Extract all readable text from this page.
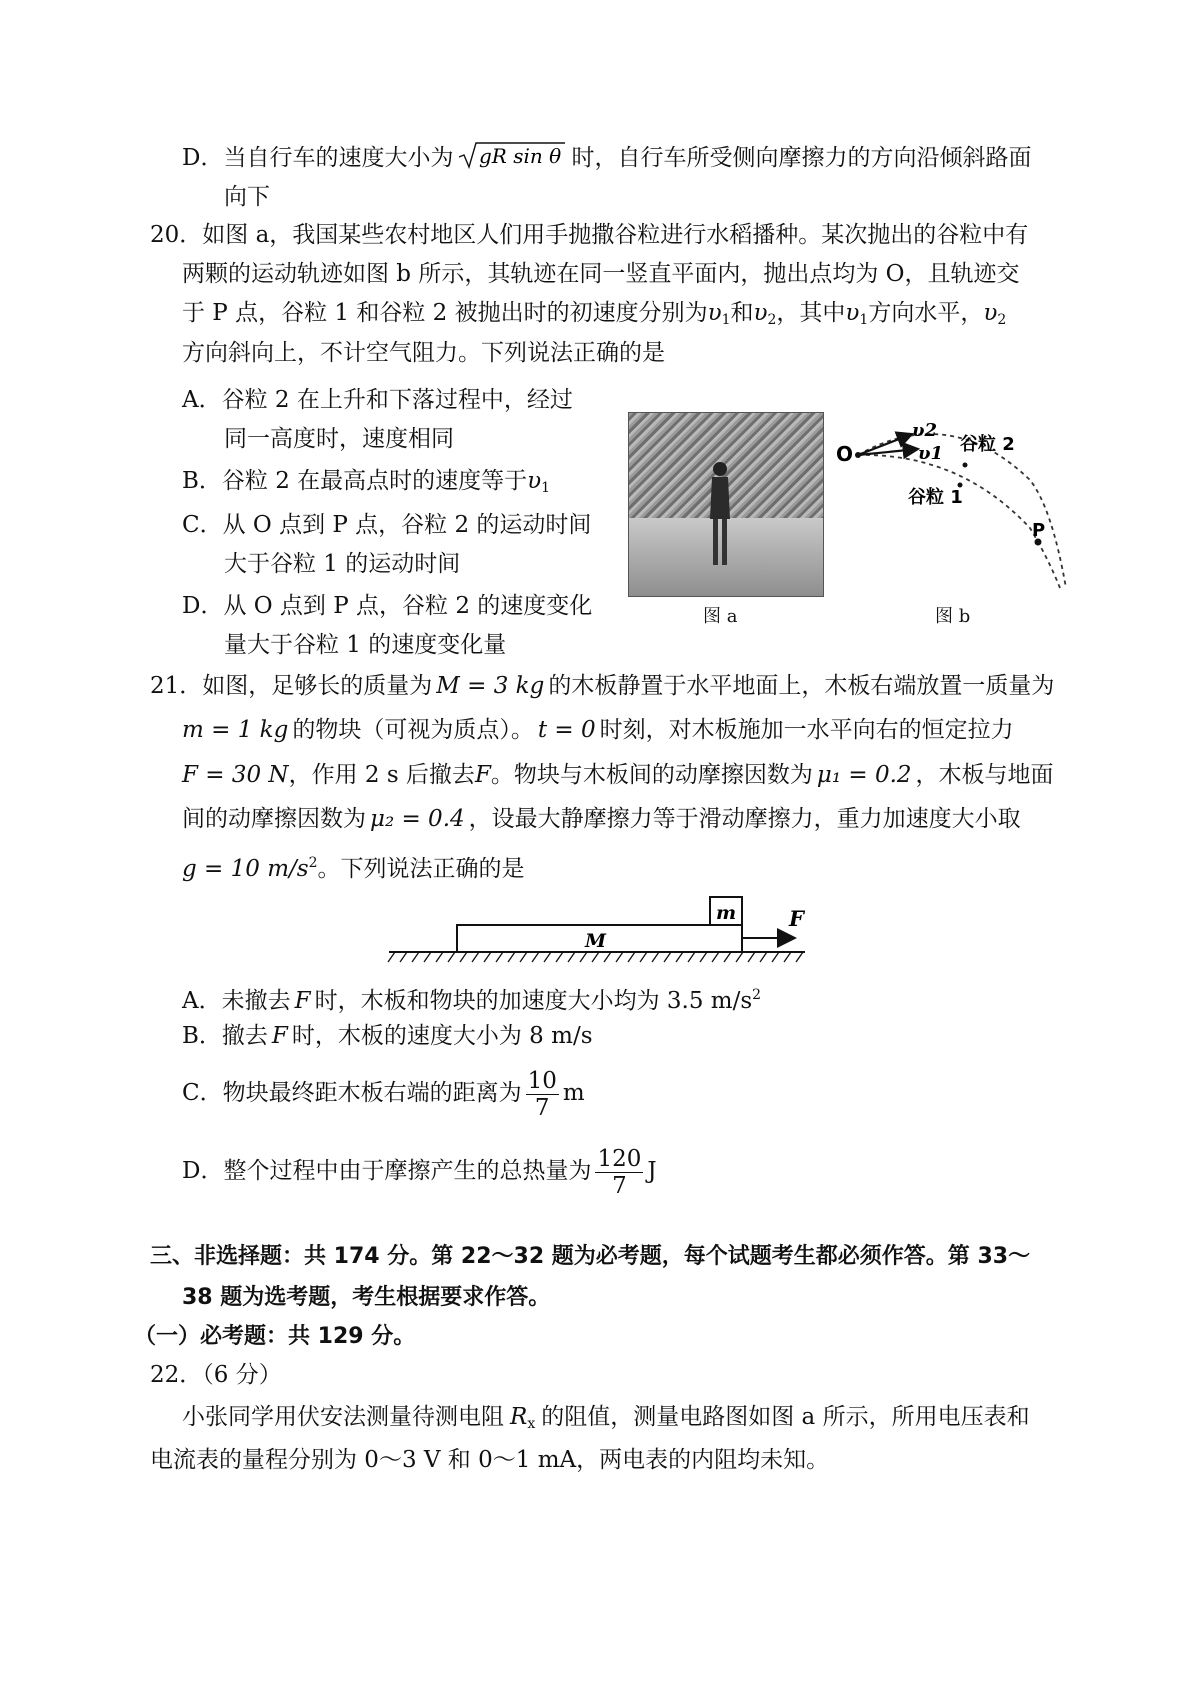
D．当自行车的速度大小为 gR sin θ 时，自行车所受侧向摩擦力的方向沿倾斜路面
向下
20．如图 a，我国某些农村地区人们用手抛撒谷粒进行水稻播种。某次抛出的谷粒中有
两颗的运动轨迹如图 b 所示，其轨迹在同一竖直平面内，抛出点均为 O，且轨迹交
于 P 点，谷粒 1 和谷粒 2 被抛出时的初速度分别为$\upsilon_1$和$\upsilon_2$，其中$\upsilon_1$方向水平，$\upsilon_2$
方向斜向上，不计空气阻力。下列说法正确的是
A．谷粒 2 在上升和下落过程中，经过
同一高度时，速度相同
B．谷粒 2 在最高点时的速度等于$\upsilon_1$
C．从 O 点到 P 点，谷粒 2 的运动时间
大于谷粒 1 的运动时间
D．从 O 点到 P 点，谷粒 2 的速度变化
量大于谷粒 1 的速度变化量
图 a
O
P
υ2
υ1 谷粒 2
谷粒 1
图 b
21．如图，足够长的质量为 M = 3 kg 的木板静置于水平地面上，木板右端放置一质量为
m = 1 kg 的物块（可视为质点）。 t = 0 时刻，对木板施加一水平向右的恒定拉力
F = 30 N，作用 2 s 后撤去F。物块与木板间的动摩擦因数为 μ₁ = 0.2 ，木板与地面
间的动摩擦因数为 μ₂ = 0.4 ，设最大静摩擦力等于滑动摩擦力，重力加速度大小取
g = 10 $m/s^2$。下列说法正确的是
m
M
F
A．未撤去 F 时，木板和物块的加速度大小均为 3.5 $m/s^2$
B．撤去 F 时，木板的速度大小为 8 m/s
C．物块最终距木板右端的距离为 $\frac{10}{7}$ m
D．整个过程中由于摩擦产生的总热量为 $\frac{120}{7}$ J
三、非选择题：共 174 分。第 22～32 题为必考题，每个试题考生都必须作答。第 33～
38 题为选考题，考生根据要求作答。
（一）必考题：共 129 分。
22．（6 分）
小张同学用伏安法测量待测电阻 $R_x$ 的阻值，测量电路图如图 a 所示，所用电压表和
电流表的量程分别为 0～3 V 和 0～1 mA，两电表的内阻均未知。
